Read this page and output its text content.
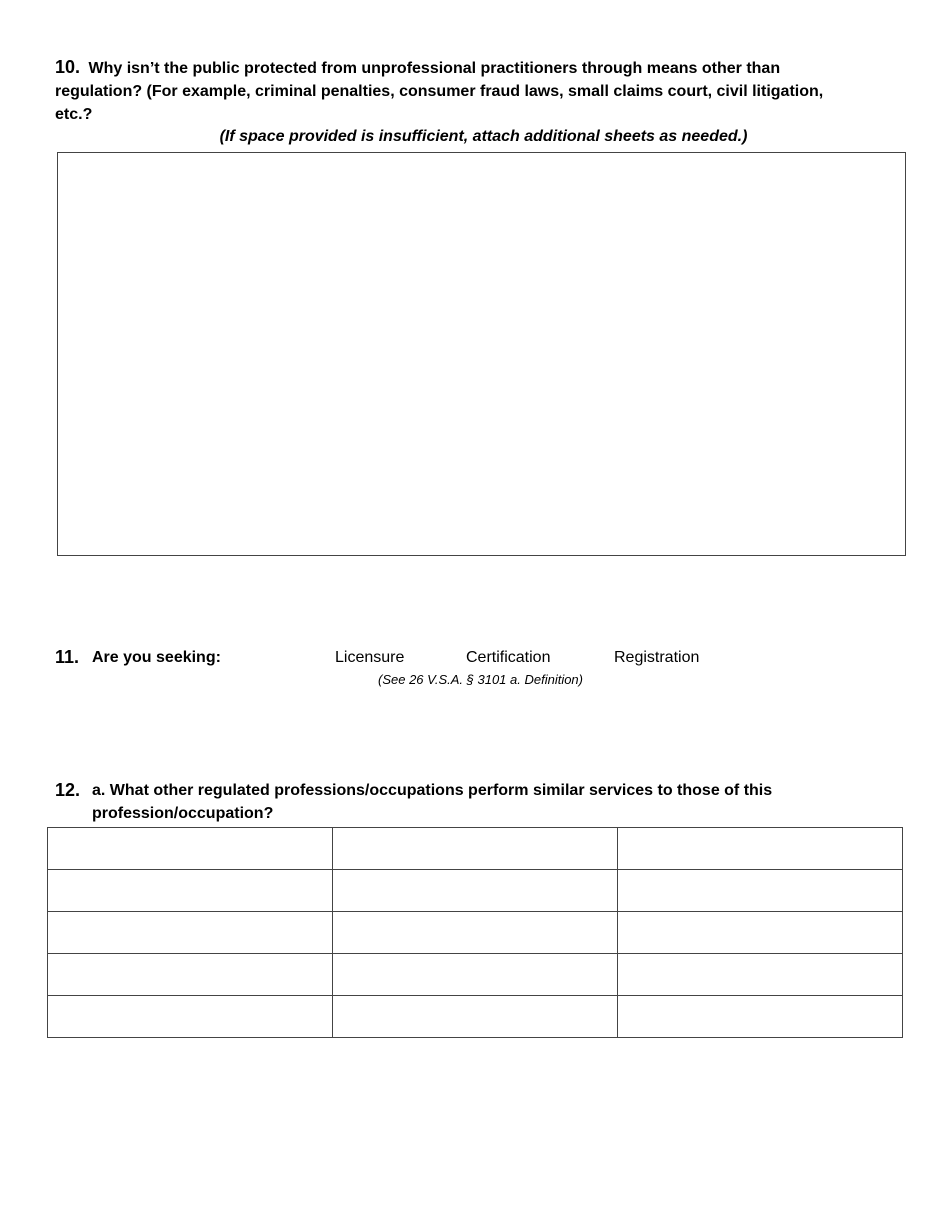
10. Why isn’t the public protected from unprofessional practitioners through means other than regulation? (For example, criminal penalties, consumer fraud laws, small claims court, civil litigation, etc.?
(If space provided is insufficient, attach additional sheets as needed.)
11. Are you seeking:	Licensure	Certification	Registration
(See 26 V.S.A. § 3101 a. Definition)
12. a. What other regulated professions/occupations perform similar services to those of this profession/occupation?
